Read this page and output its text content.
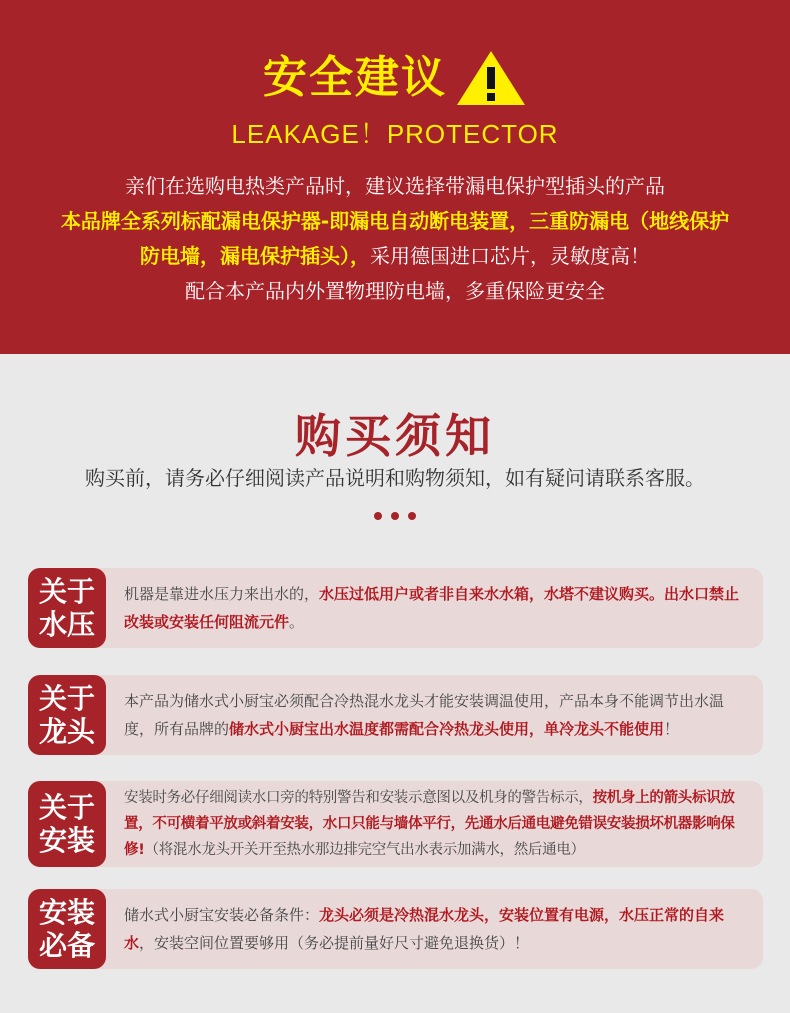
安全建议
LEAKAGE！PROTECTOR
亲们在选购电热类产品时，建议选择带漏电保护型插头的产品
本品牌全系列标配漏电保护器-即漏电自动断电装置，三重防漏电（地线保护
防电墙，漏电保护插头），采用德国进口芯片，灵敏度高！
配合本产品内外置物理防电墙，多重保险更安全
购买须知
购买前，请务必仔细阅读产品说明和购物须知，如有疑问请联系客服。
关于
水压

机器是靠进水压力来出水的，水压过低用户或者非自来水水箱，水塔不建议购买。出水口禁止改装或安装任何阻流元件。

关于
龙头

本产品为储水式小厨宝必须配合冷热混水龙头才能安装调温使用，产品本身不能调节出水温度，所有品牌的储水式小厨宝出水温度都需配合冷热龙头使用，单冷龙头不能使用！

关于
安装

安装时务必仔细阅读水口旁的特别警告和安装示意图以及机身的警告标示，按机身上的箭头标识放置，不可横着平放或斜着安装，水口只能与墙体平行，先通水后通电避免错误安装损坏机器影响保修!（将混水龙头开关开至热水那边排完空气出水表示加满水，然后通电）

安装
必备

储水式小厨宝安装必备条件：龙头必须是冷热混水龙头，安装位置有电源，水压正常的自来水，安装空间位置要够用（务必提前量好尺寸避免退换货）！
